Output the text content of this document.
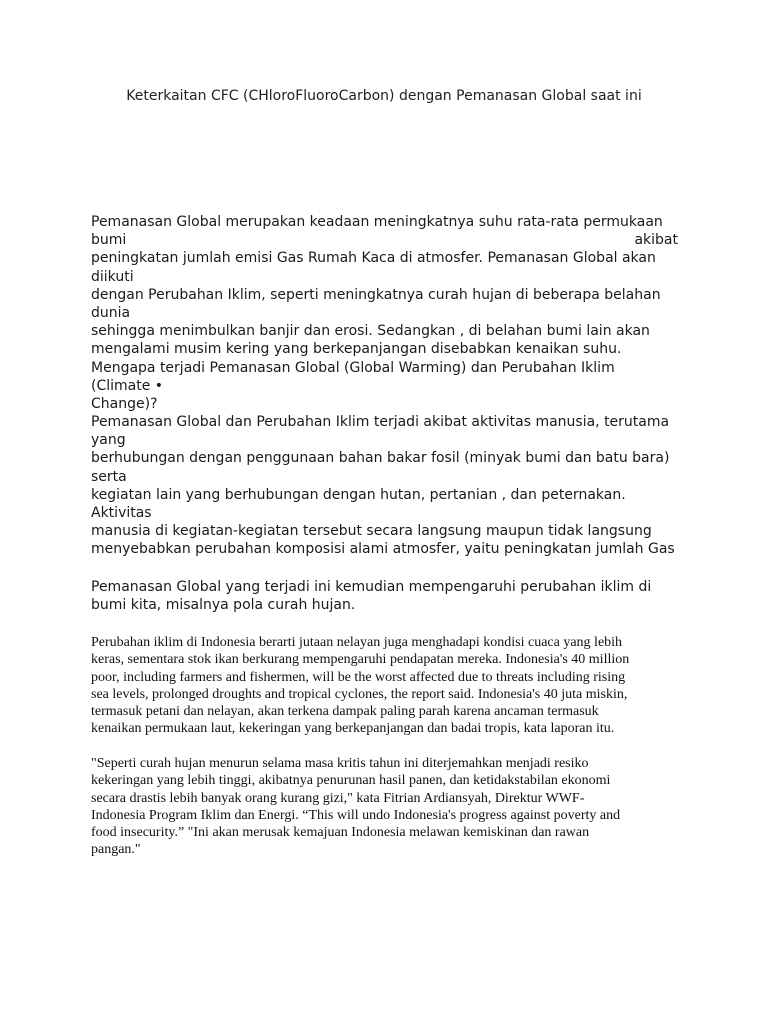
Keterkaitan CFC (CHloroFluoroCarbon) dengan Pemanasan Global saat ini
Pemanasan Global merupakan keadaan meningkatnya suhu rata-rata permukaan
bumi	akibat
peningkatan jumlah emisi Gas Rumah Kaca di atmosfer. Pemanasan Global akan
diikuti
dengan Perubahan Iklim, seperti meningkatnya curah hujan di beberapa belahan
dunia
sehingga menimbulkan banjir dan erosi. Sedangkan , di belahan bumi lain akan
mengalami musim kering yang berkepanjangan disebabkan kenaikan suhu.
Mengapa terjadi Pemanasan Global (Global Warming) dan Perubahan Iklim
(Climate •
Change)?
Pemanasan Global dan Perubahan Iklim terjadi akibat aktivitas manusia, terutama
yang
berhubungan dengan penggunaan bahan bakar fosil (minyak bumi dan batu bara)
serta
kegiatan lain yang berhubungan dengan hutan, pertanian , dan peternakan.
Aktivitas
manusia di kegiatan-kegiatan tersebut secara langsung maupun tidak langsung
menyebabkan perubahan komposisi alami atmosfer, yaitu peningkatan jumlah Gas
Pemanasan Global yang terjadi ini kemudian mempengaruhi perubahan iklim di
bumi kita, misalnya pola curah hujan.
Perubahan iklim di Indonesia berarti jutaan nelayan juga menghadapi kondisi cuaca yang lebih
keras, sementara stok ikan berkurang mempengaruhi pendapatan mereka. Indonesia's 40 million
poor, including farmers and fishermen, will be the worst affected due to threats including rising
sea levels, prolonged droughts and tropical cyclones, the report said. Indonesia's 40 juta miskin,
termasuk petani dan nelayan, akan terkena dampak paling parah karena ancaman termasuk
kenaikan permukaan laut, kekeringan yang berkepanjangan dan badai tropis, kata laporan itu.
"Seperti curah hujan menurun selama masa kritis tahun ini diterjemahkan menjadi resiko
kekeringan yang lebih tinggi, akibatnya penurunan hasil panen, dan ketidakstabilan ekonomi
secara drastis lebih banyak orang kurang gizi," kata Fitrian Ardiansyah, Direktur WWF-
Indonesia Program Iklim dan Energi. “This will undo Indonesia's progress against poverty and
food insecurity.” "Ini akan merusak kemajuan Indonesia melawan kemiskinan dan rawan
pangan."
